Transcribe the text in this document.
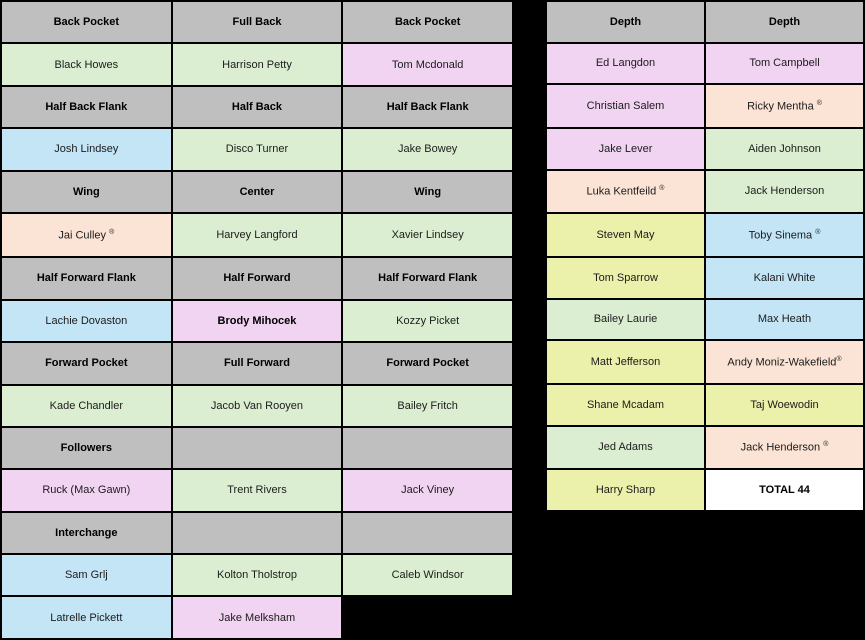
Back Pocket	Full Back	Back Pocket
Black Howes	Harrison Petty	Tom Mcdonald
Half Back Flank	Half Back	Half Back Flank
Josh Lindsey	Disco Turner	Jake Bowey
Wing	Center	Wing
Jai Culley ®	Harvey Langford	Xavier Lindsey
Half Forward Flank	Half Forward	Half Forward Flank
Lachie Dovaston	Brody Mihocek	Kozzy Picket
Forward Pocket	Full Forward	Forward Pocket
Kade Chandler	Jacob Van Rooyen	Bailey Fritch
Followers		
Ruck (Max Gawn)	Trent Rivers	Jack Viney
Interchange		
Sam Grlj	Kolton Tholstrop	Caleb Windsor
Latrelle Pickett	Jake Melksham	
Depth	Depth
Ed Langdon	Tom Campbell
Christian Salem	Ricky Mentha ®
Jake Lever	Aiden Johnson
Luka Kentfeild ®	Jack Henderson
Steven May	Toby Sinema ®
Tom Sparrow	Kalani White
Bailey Laurie	Max Heath
Matt Jefferson	Andy Moniz-Wakefield®
Shane Mcadam	Taj Woewodin
Jed Adams	Jack Henderson ®
Harry Sharp	TOTAL 44
